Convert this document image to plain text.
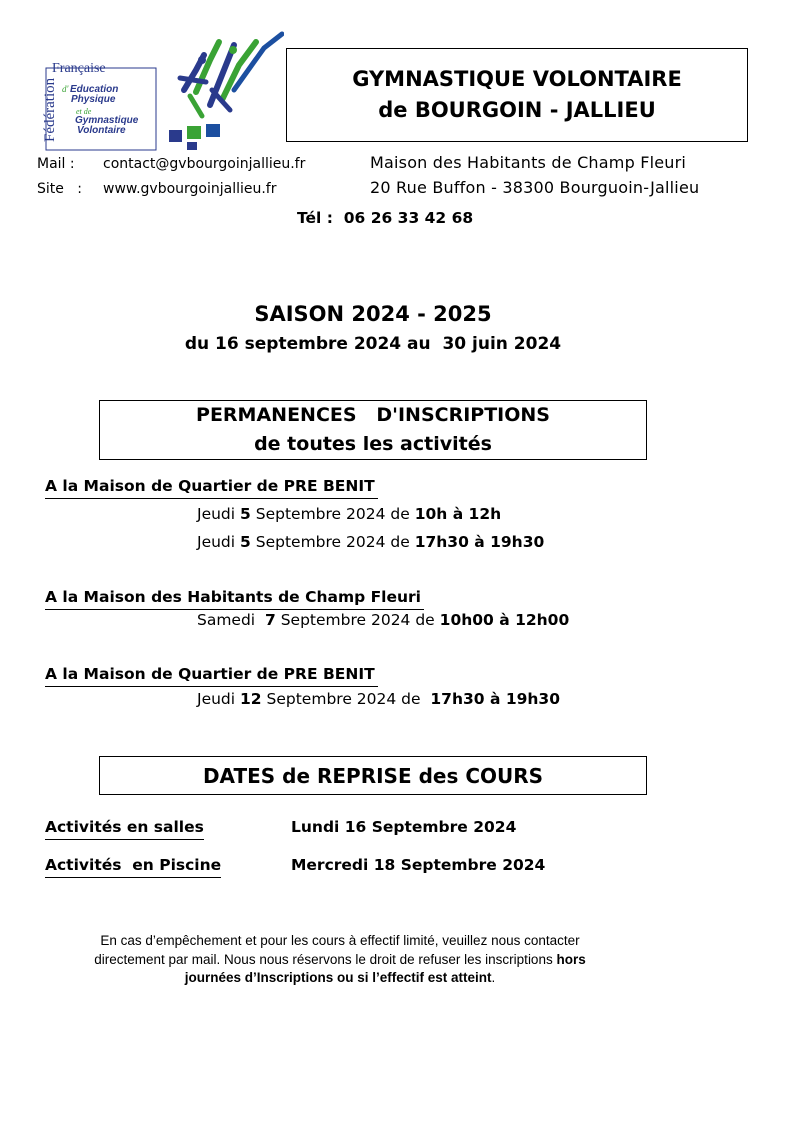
Fédération
Française
d' Education
Physique
et de
Gymnastique
Volontaire
GYMNASTIQUE VOLONTAIRE
de BOURGOIN - JALLIEU
Mail : contact@gvbourgoinjallieu.fr
Site   : www.gvbourgoinjallieu.fr
Maison des Habitants de Champ Fleuri
20 Rue Buffon - 38300 Bourguoin-Jallieu
Tél :  06 26 33 42 68
SAISON 2024 - 2025
du 16 septembre 2024 au  30 juin 2024
PERMANENCES   D'INSCRIPTIONS
de toutes les activités
A la Maison de Quartier de PRE BENIT
Jeudi 5 Septembre 2024 de 10h à 12h
Jeudi 5 Septembre 2024 de 17h30 à 19h30
A la Maison des Habitants de Champ Fleuri
Samedi  7 Septembre 2024 de 10h00 à 12h00
A la Maison de Quartier de PRE BENIT
Jeudi 12 Septembre 2024 de  17h30 à 19h30
DATES de REPRISE des COURS
Activités en salles	Lundi 16 Septembre 2024
Activités  en Piscine	Mercredi 18 Septembre 2024
En cas d’empêchement et pour les cours à effectif limité, veuillez nous contacter
directement par mail. Nous nous réservons le droit de refuser les inscriptions hors
journées d’Inscriptions ou si l’effectif est atteint.
